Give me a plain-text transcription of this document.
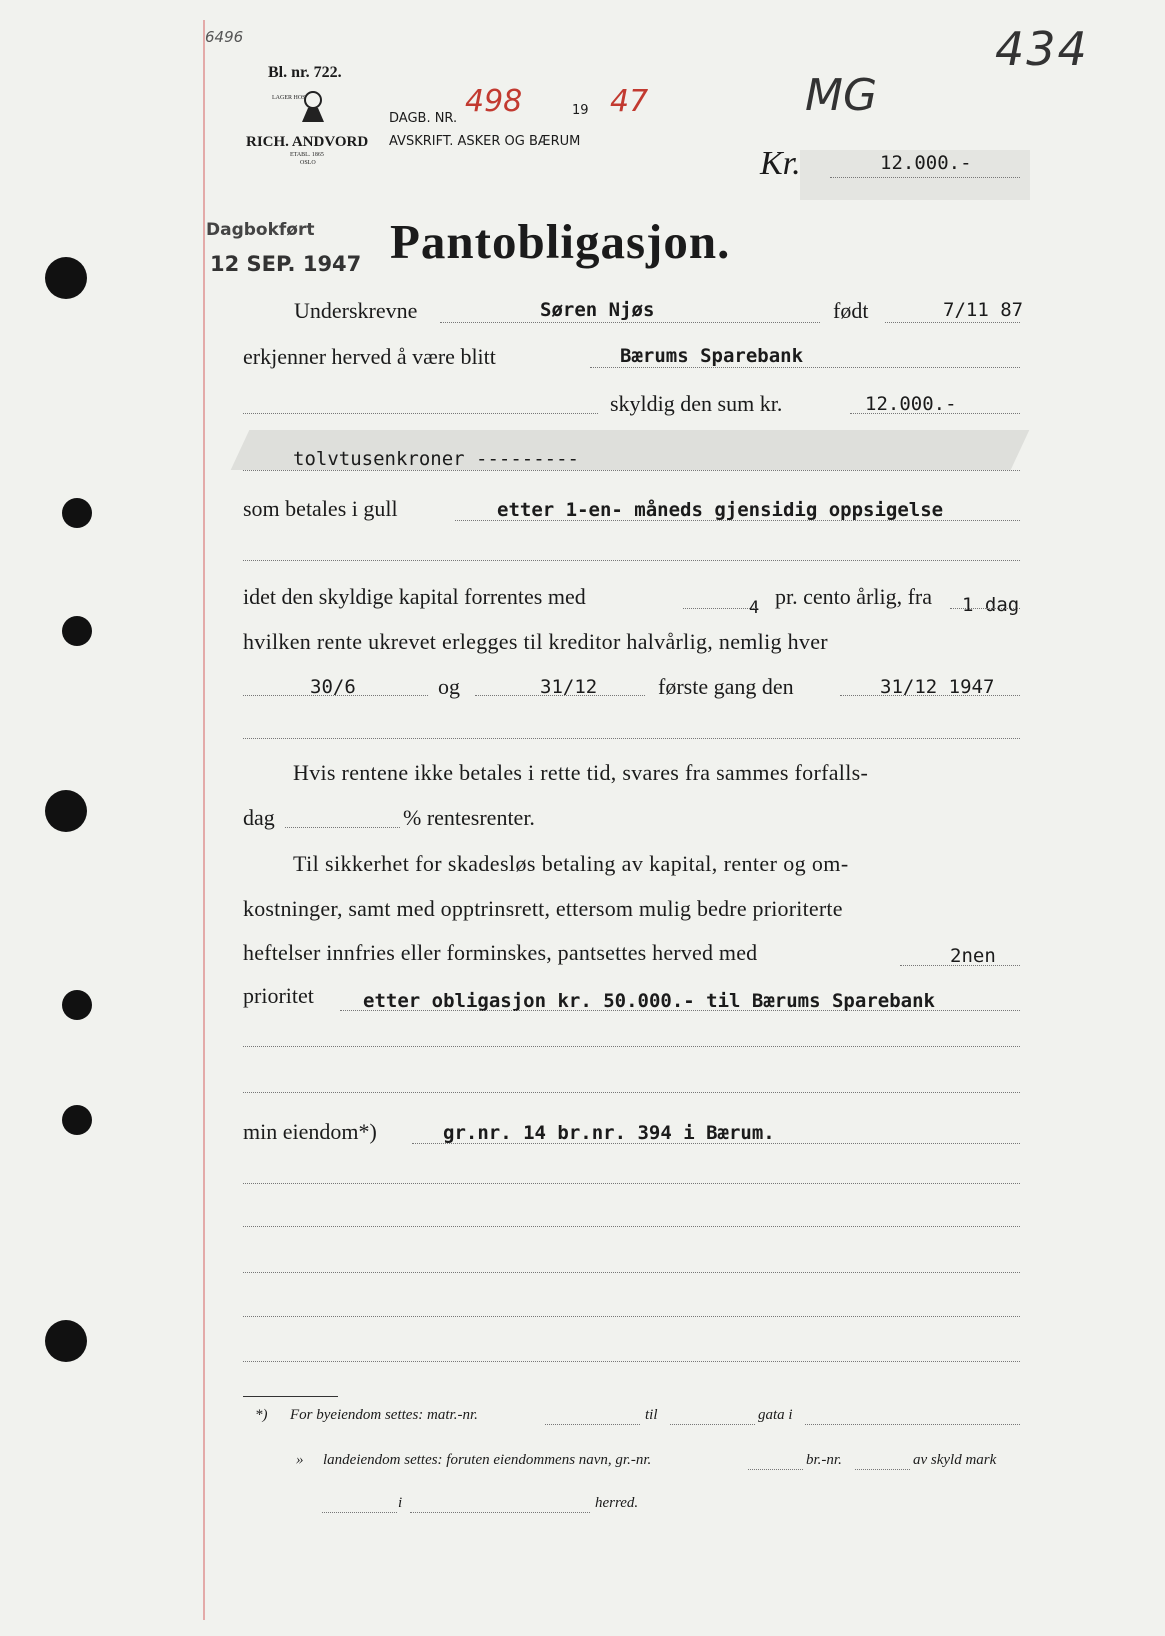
6496	434
Bl. nr. 722.
LAGER HOS
RICH. ANDVORD
ETABL. 1865
OSLO
DAGB. NR.
19
498	47
AVSKRIFT. ASKER OG BÆRUM
MG
Kr.	12.000.-
Dagbokført
12 SEP. 1947 Pantobligasjon.
Underskrevne	Søren Njøs	født	7/11 87
erkjenner herved å være blitt	Bærums Sparebank
skyldig den sum kr.	12.000.-
tolvtusenkroner ---------
som betales i gull	etter 1-en- måneds gjensidig oppsigelse
idet den skyldige kapital forrentes med	4 pr. cento årlig, fra 1 dag
hvilken rente ukrevet erlegges til kreditor halvårlig, nemlig hver
30/6	og	31/12	første gang den	31/12 1947
Hvis rentene ikke betales i rette tid, svares fra sammes forfalls-
dag	% rentesrenter.
Til sikkerhet for skadesløs betaling av kapital, renter og om-
kostninger, samt med opptrinsrett, ettersom mulig bedre prioriterte
heftelser innfries eller forminskes, pantsettes herved med	2nen
prioritet	etter obligasjon kr. 50.000.- til Bærums Sparebank
min eiendom*)	gr.nr. 14 br.nr. 394 i Bærum.
*) For byeiendom settes: matr.-nr.	til	gata i
» landeiendom settes: foruten eiendommens navn, gr.-nr.	br.-nr.	av skyld mark
i	herred.
